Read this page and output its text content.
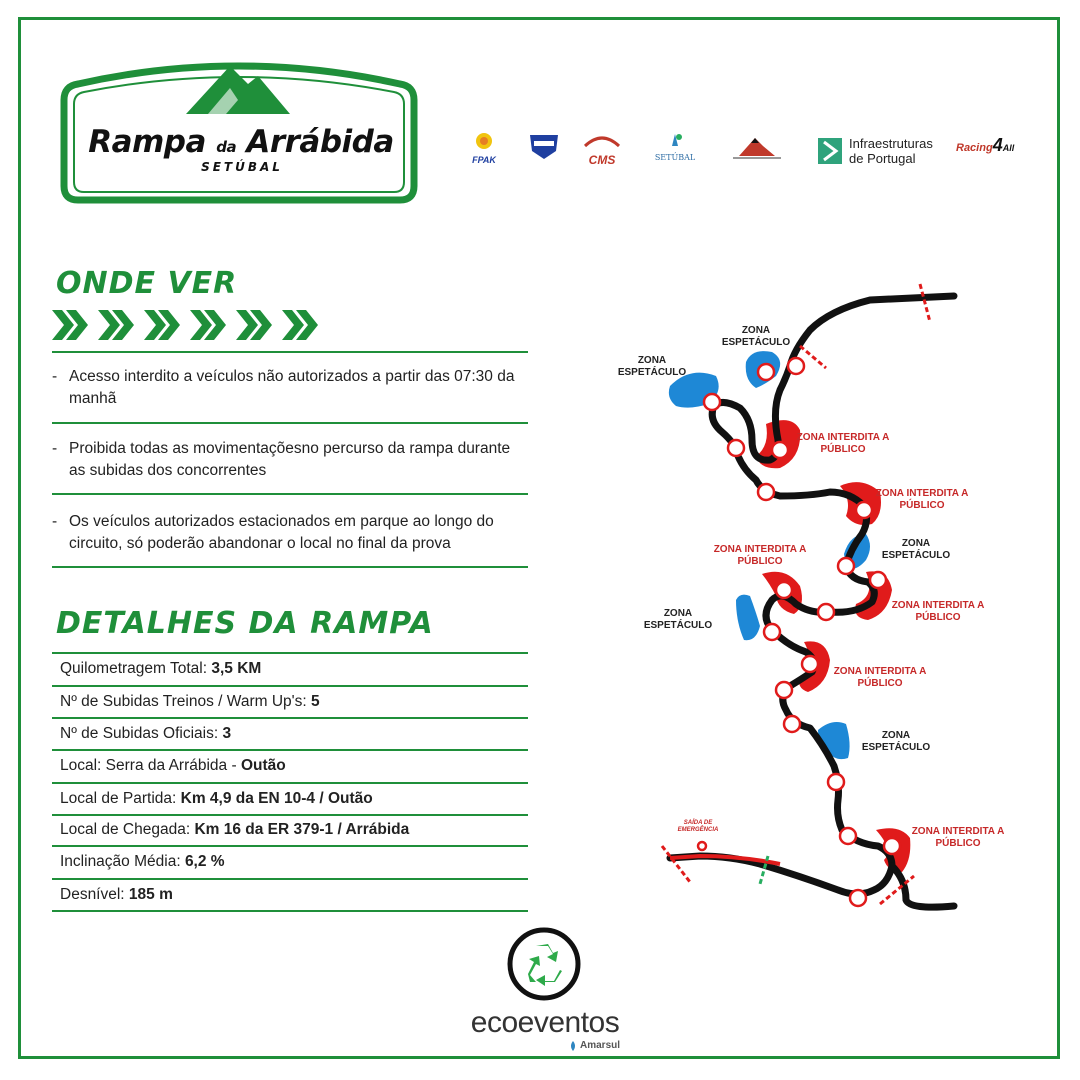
Rampa da Arrábida
SETÚBAL	FPAK	CMS	SETÚBAL
Infraestruturas
de Portugal
Racing4All
ONDE VER
- Acesso interdito a veículos não autorizados a partir das 07:30 da manhã
- Proibida todas as movimentaçõesno percurso da rampa durante as subidas dos concorrentes
- Os veículos autorizados estacionados em parque ao longo do circuito, só poderão abandonar o local no final da prova
DETALHES DA RAMPA
Quilometragem Total: 3,5 KM
Nº de Subidas Treinos / Warm Up's: 5
Nº de Subidas Oficiais: 3
Local: Serra da Arrábida - Outão
Local de Partida: Km 4,9 da EN 10-4 / Outão
Local de Chegada: Km 16 da ER 379-1 / Arrábida
Inclinação Média: 6,2 %
Desnível: 185 m
ZONA ESPETÁCULO
ZONA ESPETÁCULO
ZONA ESPETÁCULO
ZONA ESPETÁCULO
ZONA ESPETÁCULO
ZONA INTERDITA A PÚBLICO
ZONA INTERDITA A PÚBLICO
ZONA INTERDITA A PÚBLICO
ZONA INTERDITA A PÚBLICO
ZONA INTERDITA A PÚBLICO
ZONA INTERDITA A PÚBLICO
SAÍDA DE EMERGÊNCIA
ecoeventos
Amarsul
